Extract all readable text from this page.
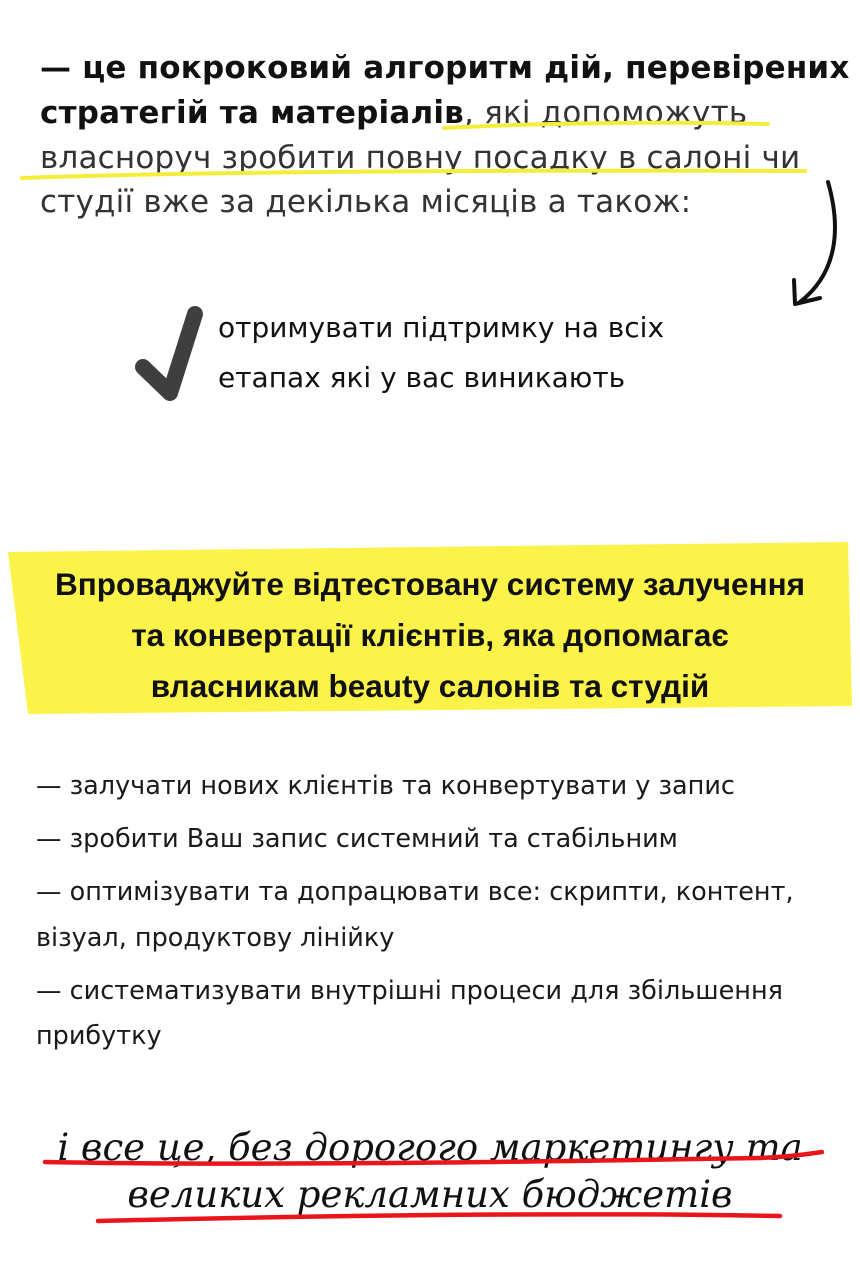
— це покроковий алгоритм дій, перевірених
стратегій та матеріалів, які допоможуть
власноруч зробити повну посадку в салоні чи
студії вже за декілька місяців а також:
отримувати підтримку на всіх
етапах які у вас виникають
Впроваджуйте відтестовану систему залучення
та конвертації клієнтів, яка допомагає
власникам beauty салонів та студій
— залучати нових клієнтів та конвертувати у запис
— зробити Ваш запис системний та стабільним
— оптимізувати та допрацювати все: скрипти, контент,
візуал, продуктову лінійку
— систематизувати внутрішні процеси для збільшення
прибутку
і все це, без дорогого маркетингу та
великих рекламних бюджетів
